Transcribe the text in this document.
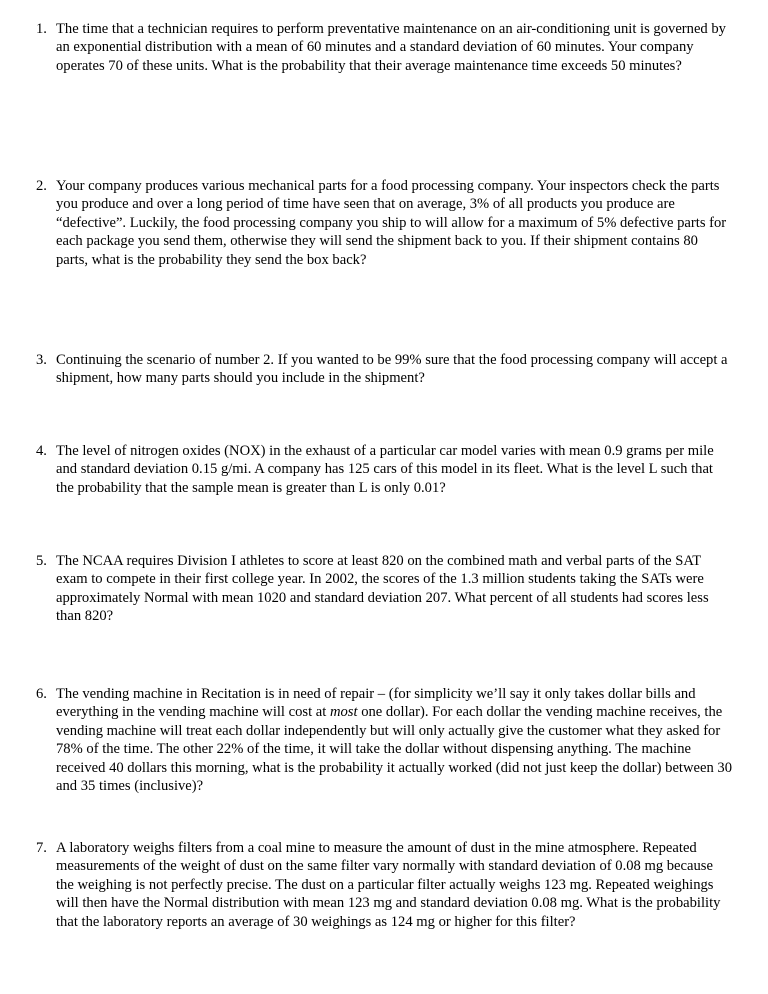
1. The time that a technician requires to perform preventative maintenance on an air-conditioning unit is governed by an exponential distribution with a mean of 60 minutes and a standard deviation of 60 minutes. Your company operates 70 of these units. What is the probability that their average maintenance time exceeds 50 minutes?
2. Your company produces various mechanical parts for a food processing company. Your inspectors check the parts you produce and over a long period of time have seen that on average, 3% of all products you produce are “defective”. Luckily, the food processing company you ship to will allow for a maximum of 5% defective parts for each package you send them, otherwise they will send the shipment back to you. If their shipment contains 80 parts, what is the probability they send the box back?
3. Continuing the scenario of number 2. If you wanted to be 99% sure that the food processing company will accept a shipment, how many parts should you include in the shipment?
4. The level of nitrogen oxides (NOX) in the exhaust of a particular car model varies with mean 0.9 grams per mile and standard deviation 0.15 g/mi. A company has 125 cars of this model in its fleet. What is the level L such that the probability that the sample mean is greater than L is only 0.01?
5. The NCAA requires Division I athletes to score at least 820 on the combined math and verbal parts of the SAT exam to compete in their first college year. In 2002, the scores of the 1.3 million students taking the SATs were approximately Normal with mean 1020 and standard deviation 207. What percent of all students had scores less than 820?
6. The vending machine in Recitation is in need of repair – (for simplicity we’ll say it only takes dollar bills and everything in the vending machine will cost at most one dollar). For each dollar the vending machine receives, the vending machine will treat each dollar independently but will only actually give the customer what they asked for 78% of the time. The other 22% of the time, it will take the dollar without dispensing anything. The machine received 40 dollars this morning, what is the probability it actually worked (did not just keep the dollar) between 30 and 35 times (inclusive)?
7. A laboratory weighs filters from a coal mine to measure the amount of dust in the mine atmosphere. Repeated measurements of the weight of dust on the same filter vary normally with standard deviation of 0.08 mg because the weighing is not perfectly precise. The dust on a particular filter actually weighs 123 mg. Repeated weighings will then have the Normal distribution with mean 123 mg and standard deviation 0.08 mg. What is the probability that the laboratory reports an average of 30 weighings as 124 mg or higher for this filter?
